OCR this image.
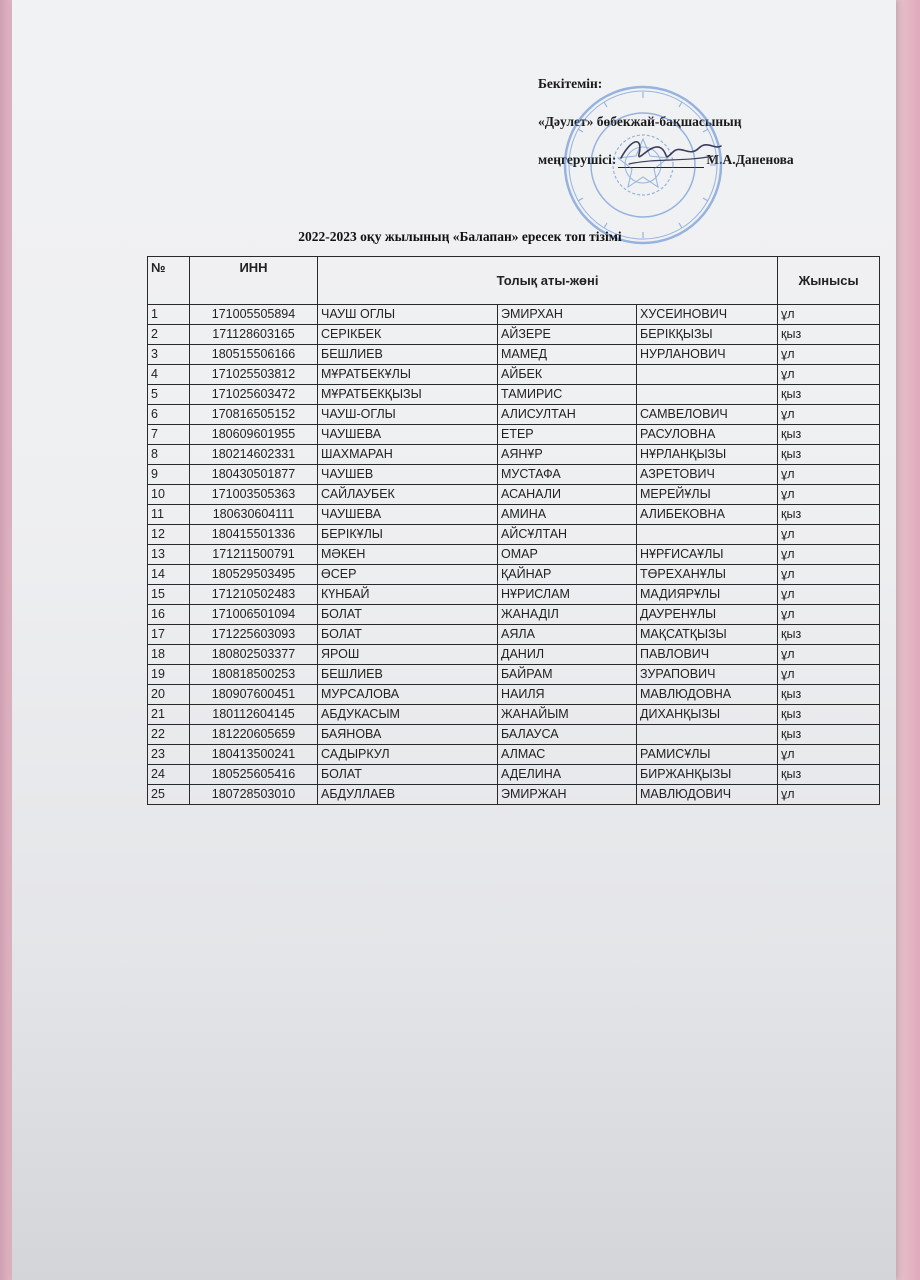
Бекітемін:
«Дәулет» бөбекжай-бақшасының
меңгерушісі:	М.А.Даненова
2022-2023 оқу жылының «Балапан» ересек топ тізімі
№	ИНН	Толық аты-жөні			Жынысы
1	171005505894	ЧАУШ ОГЛЫ	ЭМИРХАН	ХУСЕИНОВИЧ	ұл
2	171128603165	СЕРІКБЕК	АЙЗЕРЕ	БЕРІКҚЫЗЫ	қыз
3	180515506166	БЕШЛИЕВ	МАМЕД	НУРЛАНОВИЧ	ұл
4	171025503812	МҰРАТБЕКҰЛЫ	АЙБЕК		ұл
5	171025603472	МҰРАТБЕКҚЫЗЫ	ТАМИРИС		қыз
6	170816505152	ЧАУШ-ОГЛЫ	АЛИСУЛТАН	САМВЕЛОВИЧ	ұл
7	180609601955	ЧАУШЕВА	ЕТЕР	РАСУЛОВНА	қыз
8	180214602331	ШАХМАРАН	АЯНҰР	НҰРЛАНҚЫЗЫ	қыз
9	180430501877	ЧАУШЕВ	МУСТАФА	АЗРЕТОВИЧ	ұл
10	171003505363	САЙЛАУБЕК	АСАНАЛИ	МЕРЕЙҰЛЫ	ұл
11	180630604111	ЧАУШЕВА	АМИНА	АЛИБЕКОВНА	қыз
12	180415501336	БЕРІКҰЛЫ	АЙСҰЛТАН		ұл
13	171211500791	МӘКЕН	ОМАР	НҰРҒИСАҰЛЫ	ұл
14	180529503495	ӨСЕР	ҚАЙНАР	ТӨРЕХАНҰЛЫ	ұл
15	171210502483	КҮНБАЙ	НҰРИСЛАМ	МАДИЯРҰЛЫ	ұл
16	171006501094	БОЛАТ	ЖАНАДІЛ	ДАУРЕНҰЛЫ	ұл
17	171225603093	БОЛАТ	АЯЛА	МАҚСАТҚЫЗЫ	қыз
18	180802503377	ЯРОШ	ДАНИЛ	ПАВЛОВИЧ	ұл
19	180818500253	БЕШЛИЕВ	БАЙРАМ	ЗУРАПОВИЧ	ұл
20	180907600451	МУРСАЛОВА	НАИЛЯ	МАВЛЮДОВНА	қыз
21	180112604145	АБДУКАСЫМ	ЖАНАЙЫМ	ДИХАНҚЫЗЫ	қыз
22	181220605659	БАЯНОВА	БАЛАУСА		қыз
23	180413500241	САДЫРКУЛ	АЛМАС	РАМИСҰЛЫ	ұл
24	180525605416	БОЛАТ	АДЕЛИНА	БИРЖАНҚЫЗЫ	қыз
25	180728503010	АБДУЛЛАЕВ	ЭМИРЖАН	МАВЛЮДОВИЧ	ұл
